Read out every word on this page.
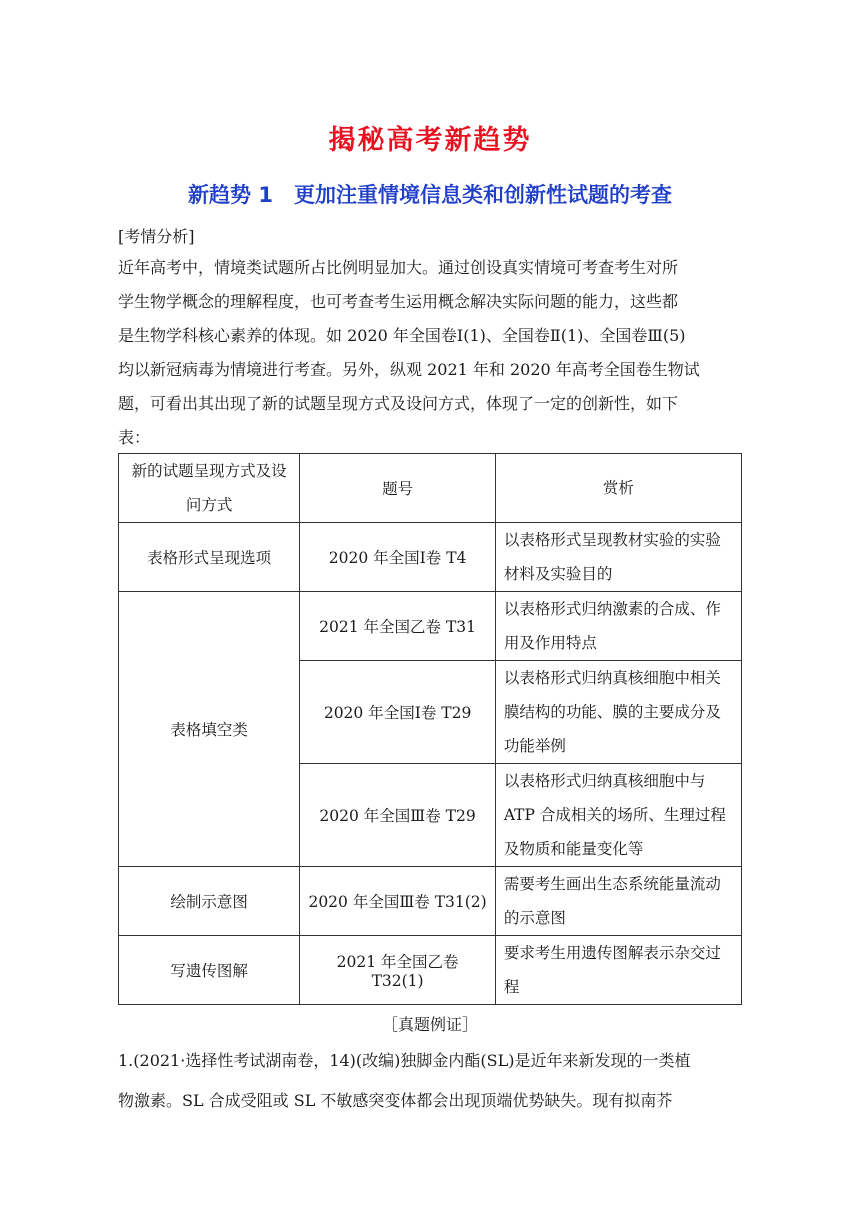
揭秘高考新趋势
新趋势 1　更加注重情境信息类和创新性试题的考查
[考情分析]

近年高考中，情境类试题所占比例明显加大。通过创设真实情境可考查考生对所
学生物学概念的理解程度，也可考查考生运用概念解决实际问题的能力，这些都
是生物学科核心素养的体现。如 2020 年全国卷Ⅰ(1)、全国卷Ⅱ(1)、全国卷Ⅲ(5)
均以新冠病毒为情境进行考查。另外，纵观 2021 年和 2020 年高考全国卷生物试
题，可看出其出现了新的试题呈现方式及设问方式，体现了一定的创新性，如下
表：

新的试题呈现方式及设问方式	题号	赏析
表格形式呈现选项	2020 年全国Ⅰ卷 T4	以表格形式呈现教材实验的实验材料及实验目的
表格填空类	2021 年全国乙卷 T31	以表格形式归纳激素的合成、作用及作用特点
	2020 年全国Ⅰ卷 T29	以表格形式归纳真核细胞中相关膜结构的功能、膜的主要成分及功能举例
	2020 年全国Ⅲ卷 T29	以表格形式归纳真核细胞中与 ATP 合成相关的场所、生理过程及物质和能量变化等
绘制示意图	2020 年全国Ⅲ卷 T31(2)	需要考生画出生态系统能量流动的示意图
写遗传图解	2021 年全国乙卷 T32(1)	要求考生用遗传图解表示杂交过程
［真题例证］

1.(2021·选择性考试湖南卷，14)(改编)独脚金内酯(SL)是近年来新发现的一类植
物激素。SL 合成受阻或 SL 不敏感突变体都会出现顶端优势缺失。现有拟南芥
